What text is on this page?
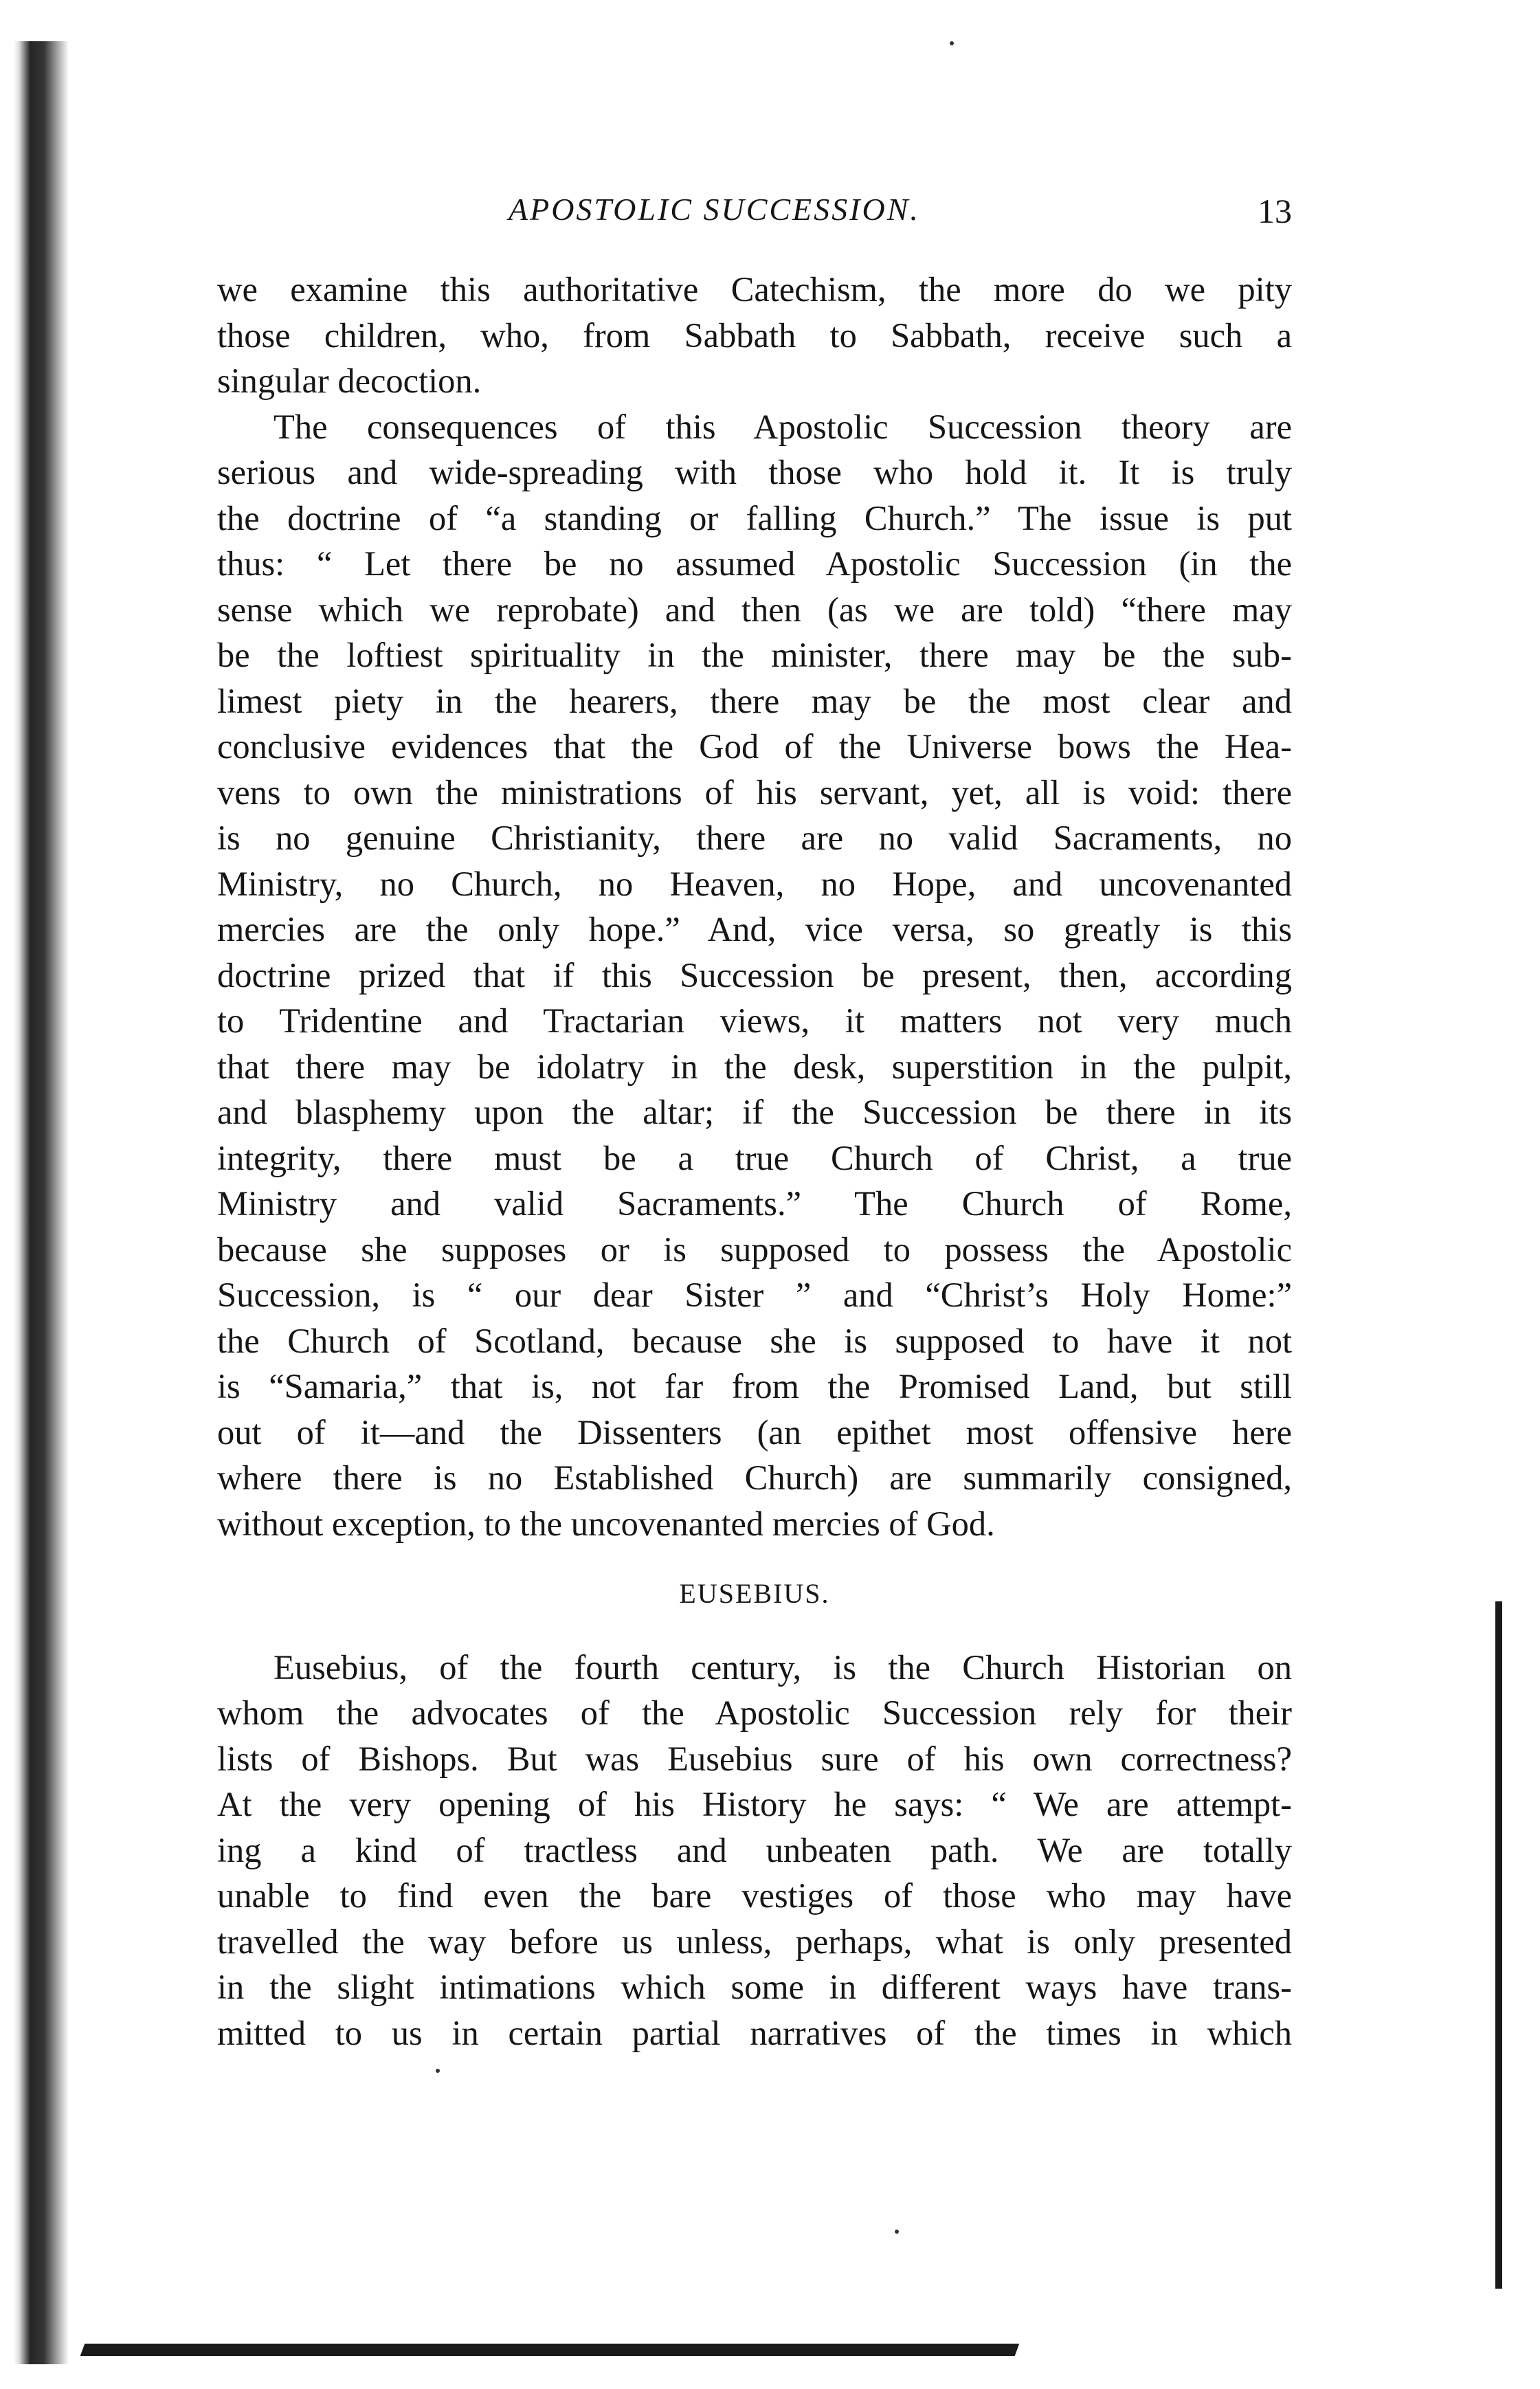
APOSTOLIC SUCCESSION.	13
we examine this authoritative Catechism, the more do we pity
those children, who, from Sabbath to Sabbath, receive such a
singular decoction.
The consequences of this Apostolic Succession theory are
serious and wide-spreading with those who hold it. It is truly
the doctrine of “a standing or falling Church.” The issue is put
thus: “ Let there be no assumed Apostolic Succession (in the
sense which we reprobate) and then (as we are told) “there may
be the loftiest spirituality in the minister, there may be the sub-
limest piety in the hearers, there may be the most clear and
conclusive evidences that the God of the Universe bows the Hea-
vens to own the ministrations of his servant, yet, all is void: there
is no genuine Christianity, there are no valid Sacraments, no
Ministry, no Church, no Heaven, no Hope, and uncovenanted
mercies are the only hope.” And, vice versa, so greatly is this
doctrine prized that if this Succession be present, then, according
to Tridentine and Tractarian views, it matters not very much
that there may be idolatry in the desk, superstition in the pulpit,
and blasphemy upon the altar; if the Succession be there in its
integrity, there must be a true Church of Christ, a true
Ministry and valid Sacraments.” The Church of Rome,
because she supposes or is supposed to possess the Apostolic
Succession, is “ our dear Sister ” and “Christ’s Holy Home:”
the Church of Scotland, because she is supposed to have it not
is “Samaria,” that is, not far from the Promised Land, but still
out of it—and the Dissenters (an epithet most offensive here
where there is no Established Church) are summarily consigned,
without exception, to the uncovenanted mercies of God.
EUSEBIUS.
Eusebius, of the fourth century, is the Church Historian on
whom the advocates of the Apostolic Succession rely for their
lists of Bishops. But was Eusebius sure of his own correctness?
At the very opening of his History he says: “ We are attempt-
ing a kind of tractless and unbeaten path. We are totally
unable to find even the bare vestiges of those who may have
travelled the way before us unless, perhaps, what is only presented
in the slight intimations which some in different ways have trans-
mitted to us in certain partial narratives of the times in which
